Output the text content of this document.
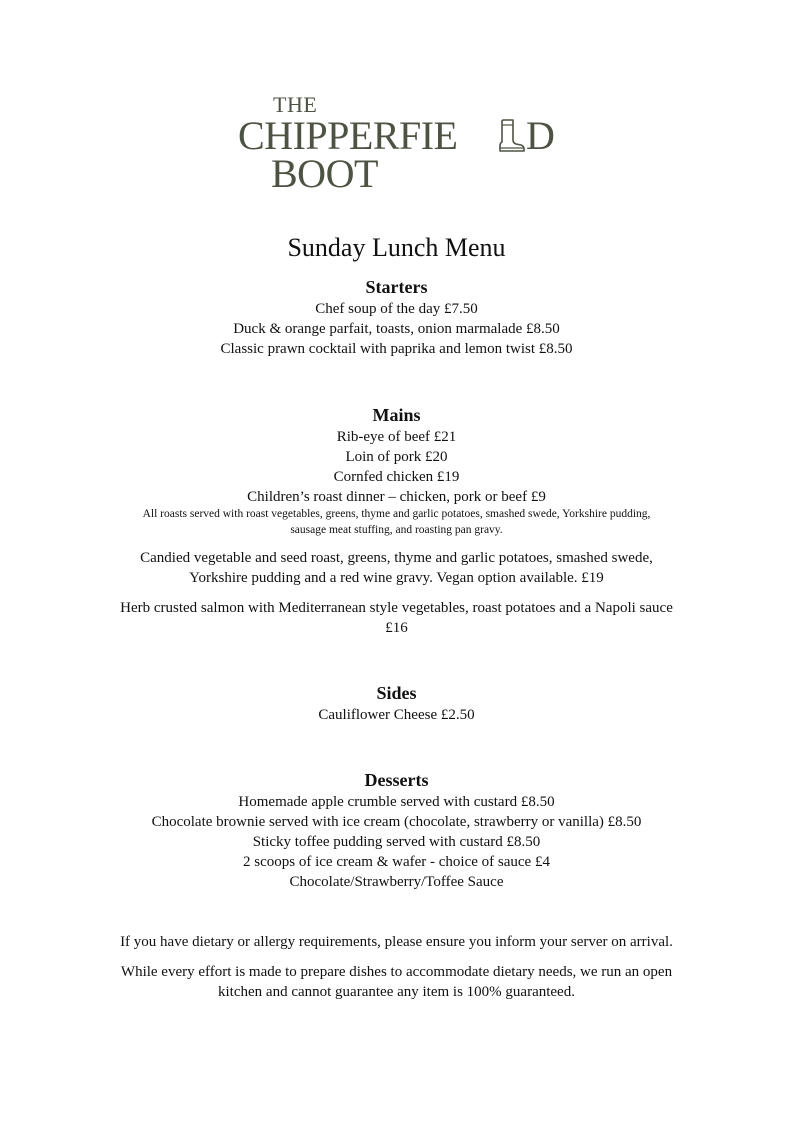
THE
CHIPPERFIE D
BOOT
Sunday Lunch Menu
Starters
Chef soup of the day £7.50
Duck & orange parfait, toasts, onion marmalade £8.50
Classic prawn cocktail with paprika and lemon twist £8.50
Mains
Rib-eye of beef £21
Loin of pork £20
Cornfed chicken £19
Children’s roast dinner – chicken, pork or beef £9
All roasts served with roast vegetables, greens, thyme and garlic potatoes, smashed swede, Yorkshire pudding,
sausage meat stuffing, and roasting pan gravy.
Candied vegetable and seed roast, greens, thyme and garlic potatoes, smashed swede,
Yorkshire pudding and a red wine gravy. Vegan option available. £19
Herb crusted salmon with Mediterranean style vegetables, roast potatoes and a Napoli sauce
£16
Sides
Cauliflower Cheese £2.50
Desserts
Homemade apple crumble served with custard £8.50
Chocolate brownie served with ice cream (chocolate, strawberry or vanilla) £8.50
Sticky toffee pudding served with custard £8.50
2 scoops of ice cream & wafer - choice of sauce £4
Chocolate/Strawberry/Toffee Sauce
If you have dietary or allergy requirements, please ensure you inform your server on arrival.
While every effort is made to prepare dishes to accommodate dietary needs, we run an open
kitchen and cannot guarantee any item is 100% guaranteed.
